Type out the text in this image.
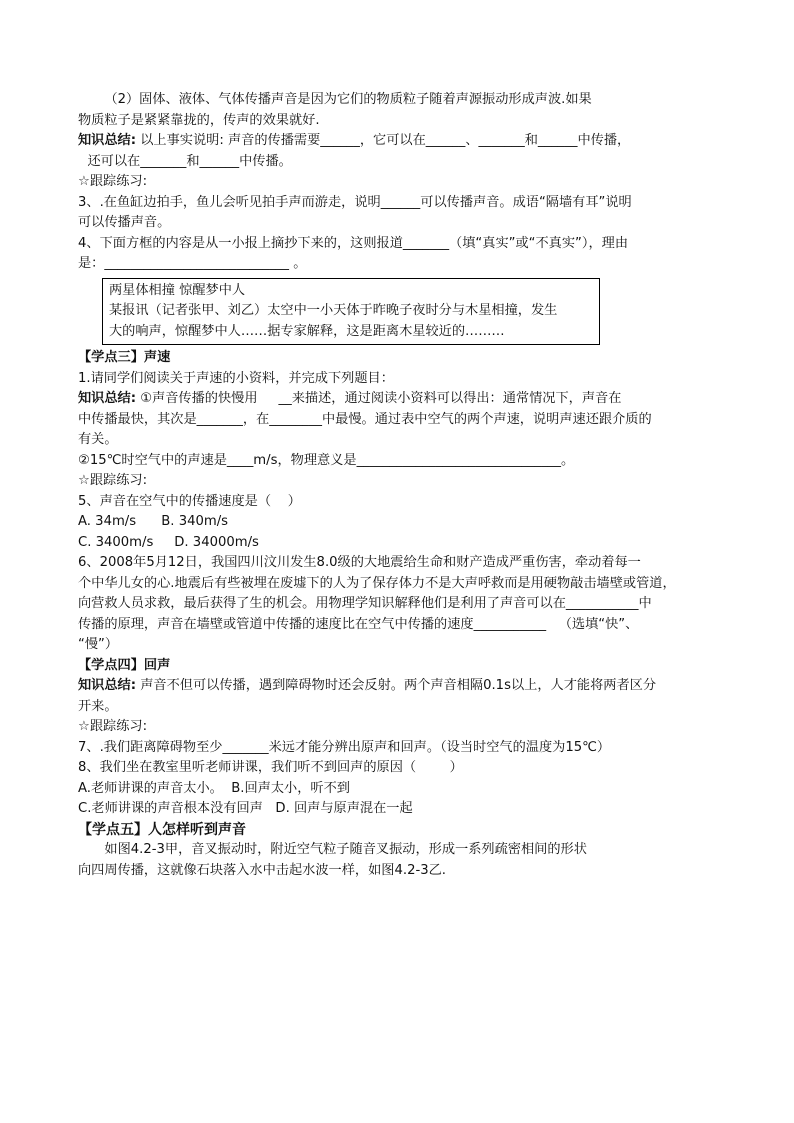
（2）固体、液体、气体传播声音是因为它们的物质粒子随着声源振动形成声波.如果

物质粒子是紧紧靠拢的，传声的效果就好.

知识总结: 以上事实说明: 声音的传播需要______，它可以在______、_______和______中传播，

还可以在_______和______中传播。

☆跟踪练习:

3、.在鱼缸边拍手，鱼儿会听见拍手声而游走，说明______可以传播声音。成语“隔墙有耳”说明

可以传播声音。

4、下面方框的内容是从一小报上摘抄下来的，这则报道_______（填“真实”或“不真实”），理由

是：____________________________ 。

两星体相撞 惊醒梦中人
某报讯（记者张甲、刘乙）太空中一小天体于昨晚子夜时分与木星相撞，发生
大的响声，惊醒梦中人……据专家解释，这是距离木星较近的………

【学点三】声速

1.请同学们阅读关于声速的小资料，并完成下列题目：

知识总结: ①声音传播的快慢用     __来描述，通过阅读小资料可以得出：通常情况下，声音在

中传播最快，其次是_______，在________中最慢。通过表中空气的两个声速，说明声速还跟介质的

有关。

②15℃时空气中的声速是____m/s，物理意义是_______________________________。

☆跟踪练习:

5、声音在空气中的传播速度是（    ）

A. 34m/s      B. 340m/s

C. 3400m/s     D. 34000m/s

6、2008年5月12日，我国四川汶川发生8.0级的大地震给生命和财产造成严重伤害，牵动着每一

个中华儿女的心.地震后有些被埋在废墟下的人为了保存体力不是大声呼救而是用硬物敲击墙壁或管道，

向营救人员求救，最后获得了生的机会。用物理学知识解释他们是利用了声音可以在___________中

传播的原理，声音在墙壁或管道中传播的速度比在空气中传播的速度___________   （选填“快”、

“慢”）

【学点四】回声

知识总结: 声音不但可以传播，遇到障碍物时还会反射。两个声音相隔0.1s以上，人才能将两者区分

开来。

☆跟踪练习:

7、.我们距离障碍物至少_______米远才能分辨出原声和回声。（设当时空气的温度为15℃）

8、我们坐在教室里听老师讲课，我们听不到回声的原因（        ）

A.老师讲课的声音太小。  B.回声太小，听不到

C.老师讲课的声音根本没有回声   D. 回声与原声混在一起

【学点五】人怎样听到声音

如图4.2-3甲，音叉振动时，附近空气粒子随音叉振动，形成一系列疏密相间的形状

向四周传播，这就像石块落入水中击起水波一样，如图4.2-3乙.
